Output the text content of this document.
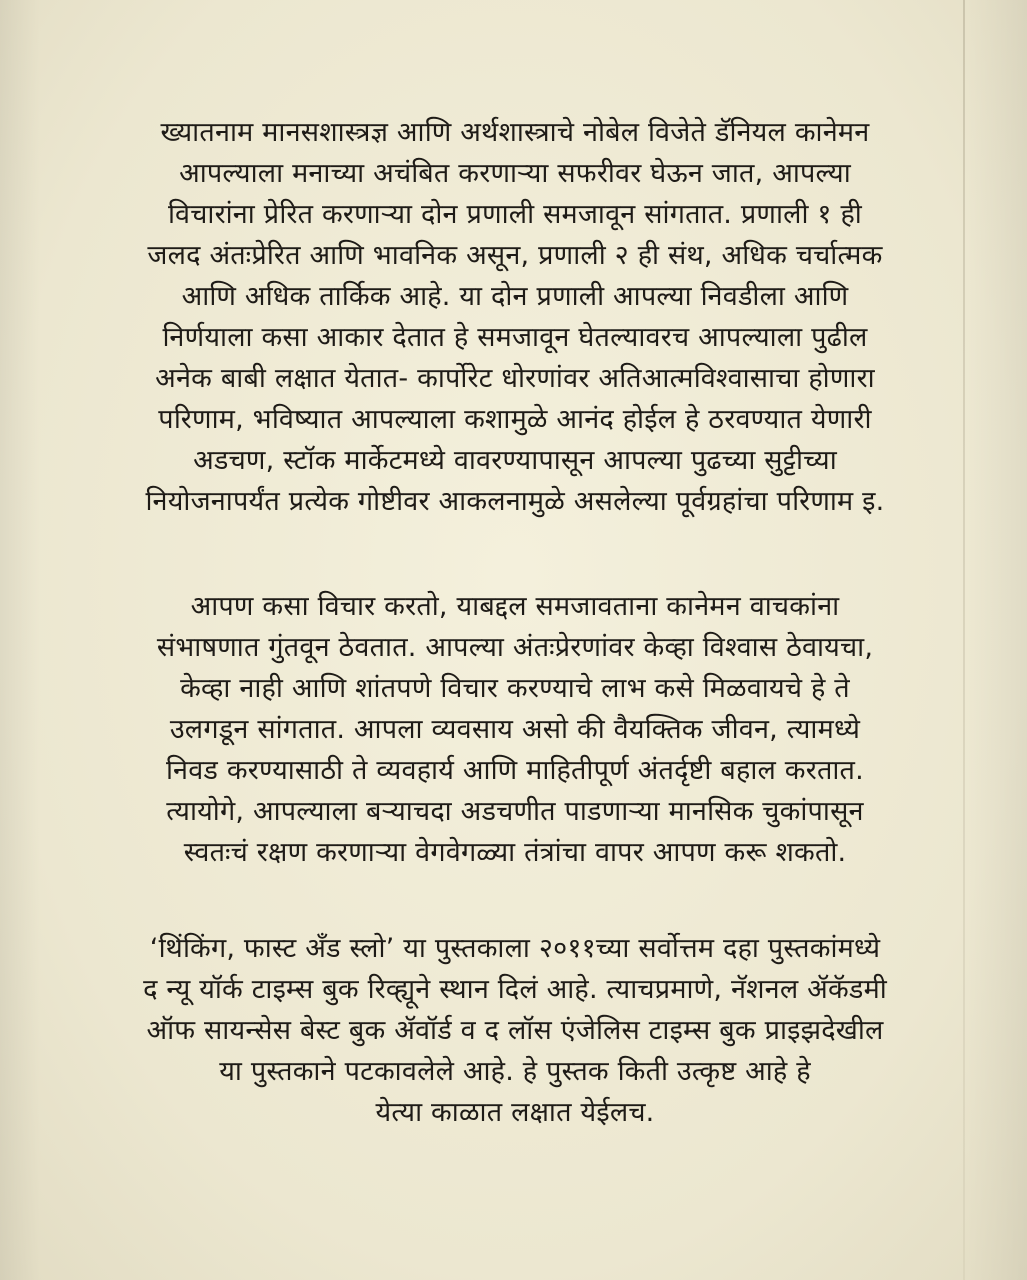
ख्यातनाम मानसशास्त्रज्ञ आणि अर्थशास्त्राचे नोबेल विजेते डॅनियल कानेमन
आपल्याला मनाच्या अचंबित करणाऱ्या सफरीवर घेऊन जात, आपल्या
विचारांना प्रेरित करणाऱ्या दोन प्रणाली समजावून सांगतात. प्रणाली १ ही
जलद अंतःप्रेरित आणि भावनिक असून, प्रणाली २ ही संथ, अधिक चर्चात्मक
आणि अधिक तार्किक आहे. या दोन प्रणाली आपल्या निवडीला आणि
निर्णयाला कसा आकार देतात हे समजावून घेतल्यावरच आपल्याला पुढील
अनेक बाबी लक्षात येतात- कार्पोरेट धोरणांवर अतिआत्मविश्वासाचा होणारा
परिणाम, भविष्यात आपल्याला कशामुळे आनंद होईल हे ठरवण्यात येणारी
अडचण, स्टॉक मार्केटमध्ये वावरण्यापासून आपल्या पुढच्या सुट्टीच्या
नियोजनापर्यंत प्रत्येक गोष्टीवर आकलनामुळे असलेल्या पूर्वग्रहांचा परिणाम इ.
आपण कसा विचार करतो, याबद्दल समजावताना कानेमन वाचकांना
संभाषणात गुंतवून ठेवतात. आपल्या अंतःप्रेरणांवर केव्हा विश्वास ठेवायचा,
केव्हा नाही आणि शांतपणे विचार करण्याचे लाभ कसे मिळवायचे हे ते
उलगडून सांगतात. आपला व्यवसाय असो की वैयक्तिक जीवन, त्यामध्ये
निवड करण्यासाठी ते व्यवहार्य आणि माहितीपूर्ण अंतर्दृष्टी बहाल करतात.
त्यायोगे, आपल्याला बऱ्याचदा अडचणीत पाडणाऱ्या मानसिक चुकांपासून
स्वतःचं रक्षण करणाऱ्या वेगवेगळ्या तंत्रांचा वापर आपण करू शकतो.
‘थिंकिंग, फास्ट अँड स्लो’ या पुस्तकाला २०११च्या सर्वोत्तम दहा पुस्तकांमध्ये
द न्यू यॉर्क टाइम्स बुक रिव्ह्यूने स्थान दिलं आहे. त्याचप्रमाणे, नॅशनल ॲकॅडमी
ऑफ सायन्सेस बेस्ट बुक ॲवॉर्ड व द लॉस एंजेलिस टाइम्स बुक प्राइझदेखील
या पुस्तकाने पटकावलेले आहे. हे पुस्तक किती उत्कृष्ट आहे हे
येत्या काळात लक्षात येईलच.
